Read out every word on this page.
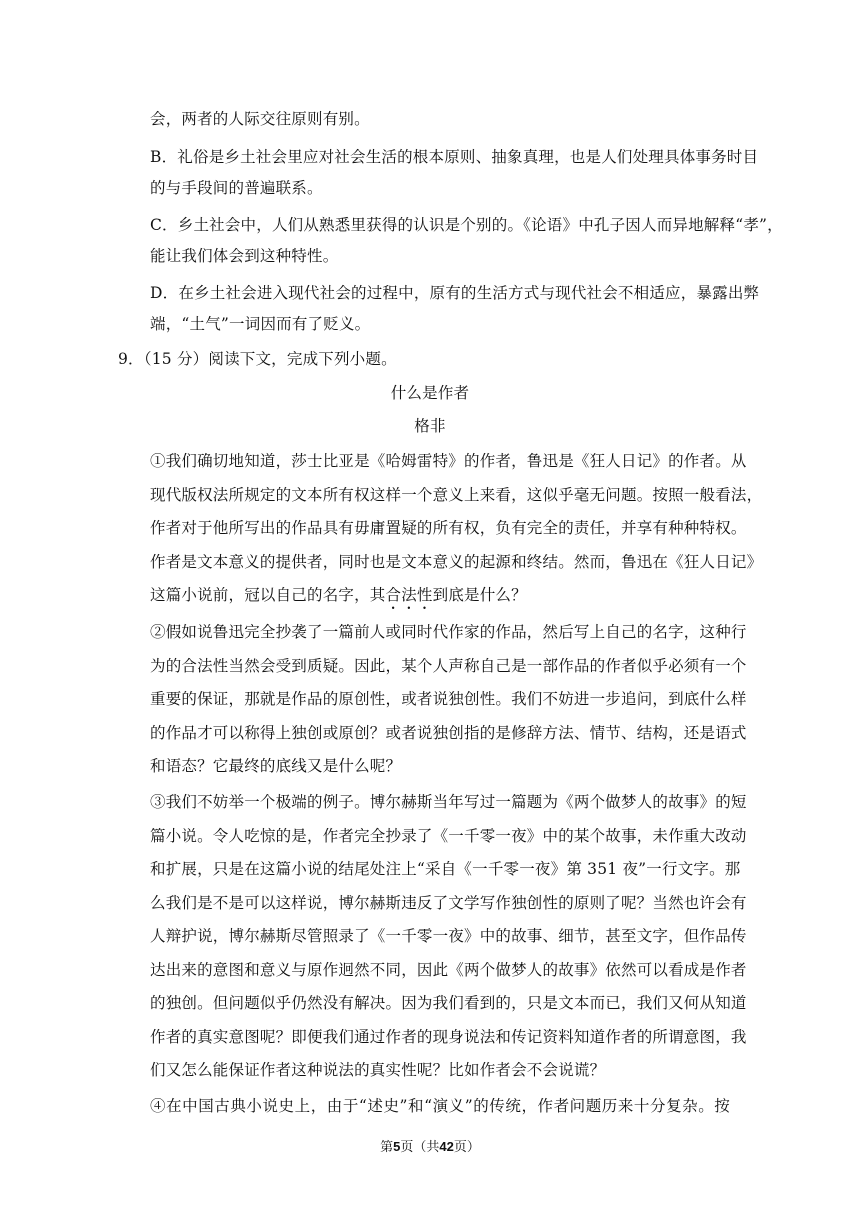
会，两者的人际交往原则有别。
B．礼俗是乡土社会里应对社会生活的根本原则、抽象真理，也是人们处理具体事务时目
的与手段间的普遍联系。
C．乡土社会中，人们从熟悉里获得的认识是个别的。《论语》中孔子因人而异地解释“孝”，
能让我们体会到这种特性。
D．在乡土社会进入现代社会的过程中，原有的生活方式与现代社会不相适应，暴露出弊
端，“土气”一词因而有了贬义。
9．（15 分）阅读下文，完成下列小题。
什么是作者
格非
①我们确切地知道，莎士比亚是《哈姆雷特》的作者，鲁迅是《狂人日记》的作者。从
现代版权法所规定的文本所有权这样一个意义上来看，这似乎毫无问题。按照一般看法，
作者对于他所写出的作品具有毋庸置疑的所有权，负有完全的责任，并享有种种特权。
作者是文本意义的提供者，同时也是文本意义的起源和终结。然而，鲁迅在《狂人日记》
这篇小说前，冠以自己的名字，其合法性到底是什么？
②假如说鲁迅完全抄袭了一篇前人或同时代作家的作品，然后写上自己的名字，这种行
为的合法性当然会受到质疑。因此，某个人声称自己是一部作品的作者似乎必须有一个
重要的保证，那就是作品的原创性，或者说独创性。我们不妨进一步追问，到底什么样
的作品才可以称得上独创或原创？或者说独创指的是修辞方法、情节、结构，还是语式
和语态？它最终的底线又是什么呢？
③我们不妨举一个极端的例子。博尔赫斯当年写过一篇题为《两个做梦人的故事》的短
篇小说。令人吃惊的是，作者完全抄录了《一千零一夜》中的某个故事，未作重大改动
和扩展，只是在这篇小说的结尾处注上“采自《一千零一夜》第 351 夜”一行文字。那
么我们是不是可以这样说，博尔赫斯违反了文学写作独创性的原则了呢？当然也许会有
人辩护说，博尔赫斯尽管照录了《一千零一夜》中的故事、细节，甚至文字，但作品传
达出来的意图和意义与原作迥然不同，因此《两个做梦人的故事》依然可以看成是作者
的独创。但问题似乎仍然没有解决。因为我们看到的，只是文本而已，我们又何从知道
作者的真实意图呢？即便我们通过作者的现身说法和传记资料知道作者的所谓意图，我
们又怎么能保证作者这种说法的真实性呢？比如作者会不会说谎？
④在中国古典小说史上，由于“述史”和“演义”的传统，作者问题历来十分复杂。按
第5页（共42页）
